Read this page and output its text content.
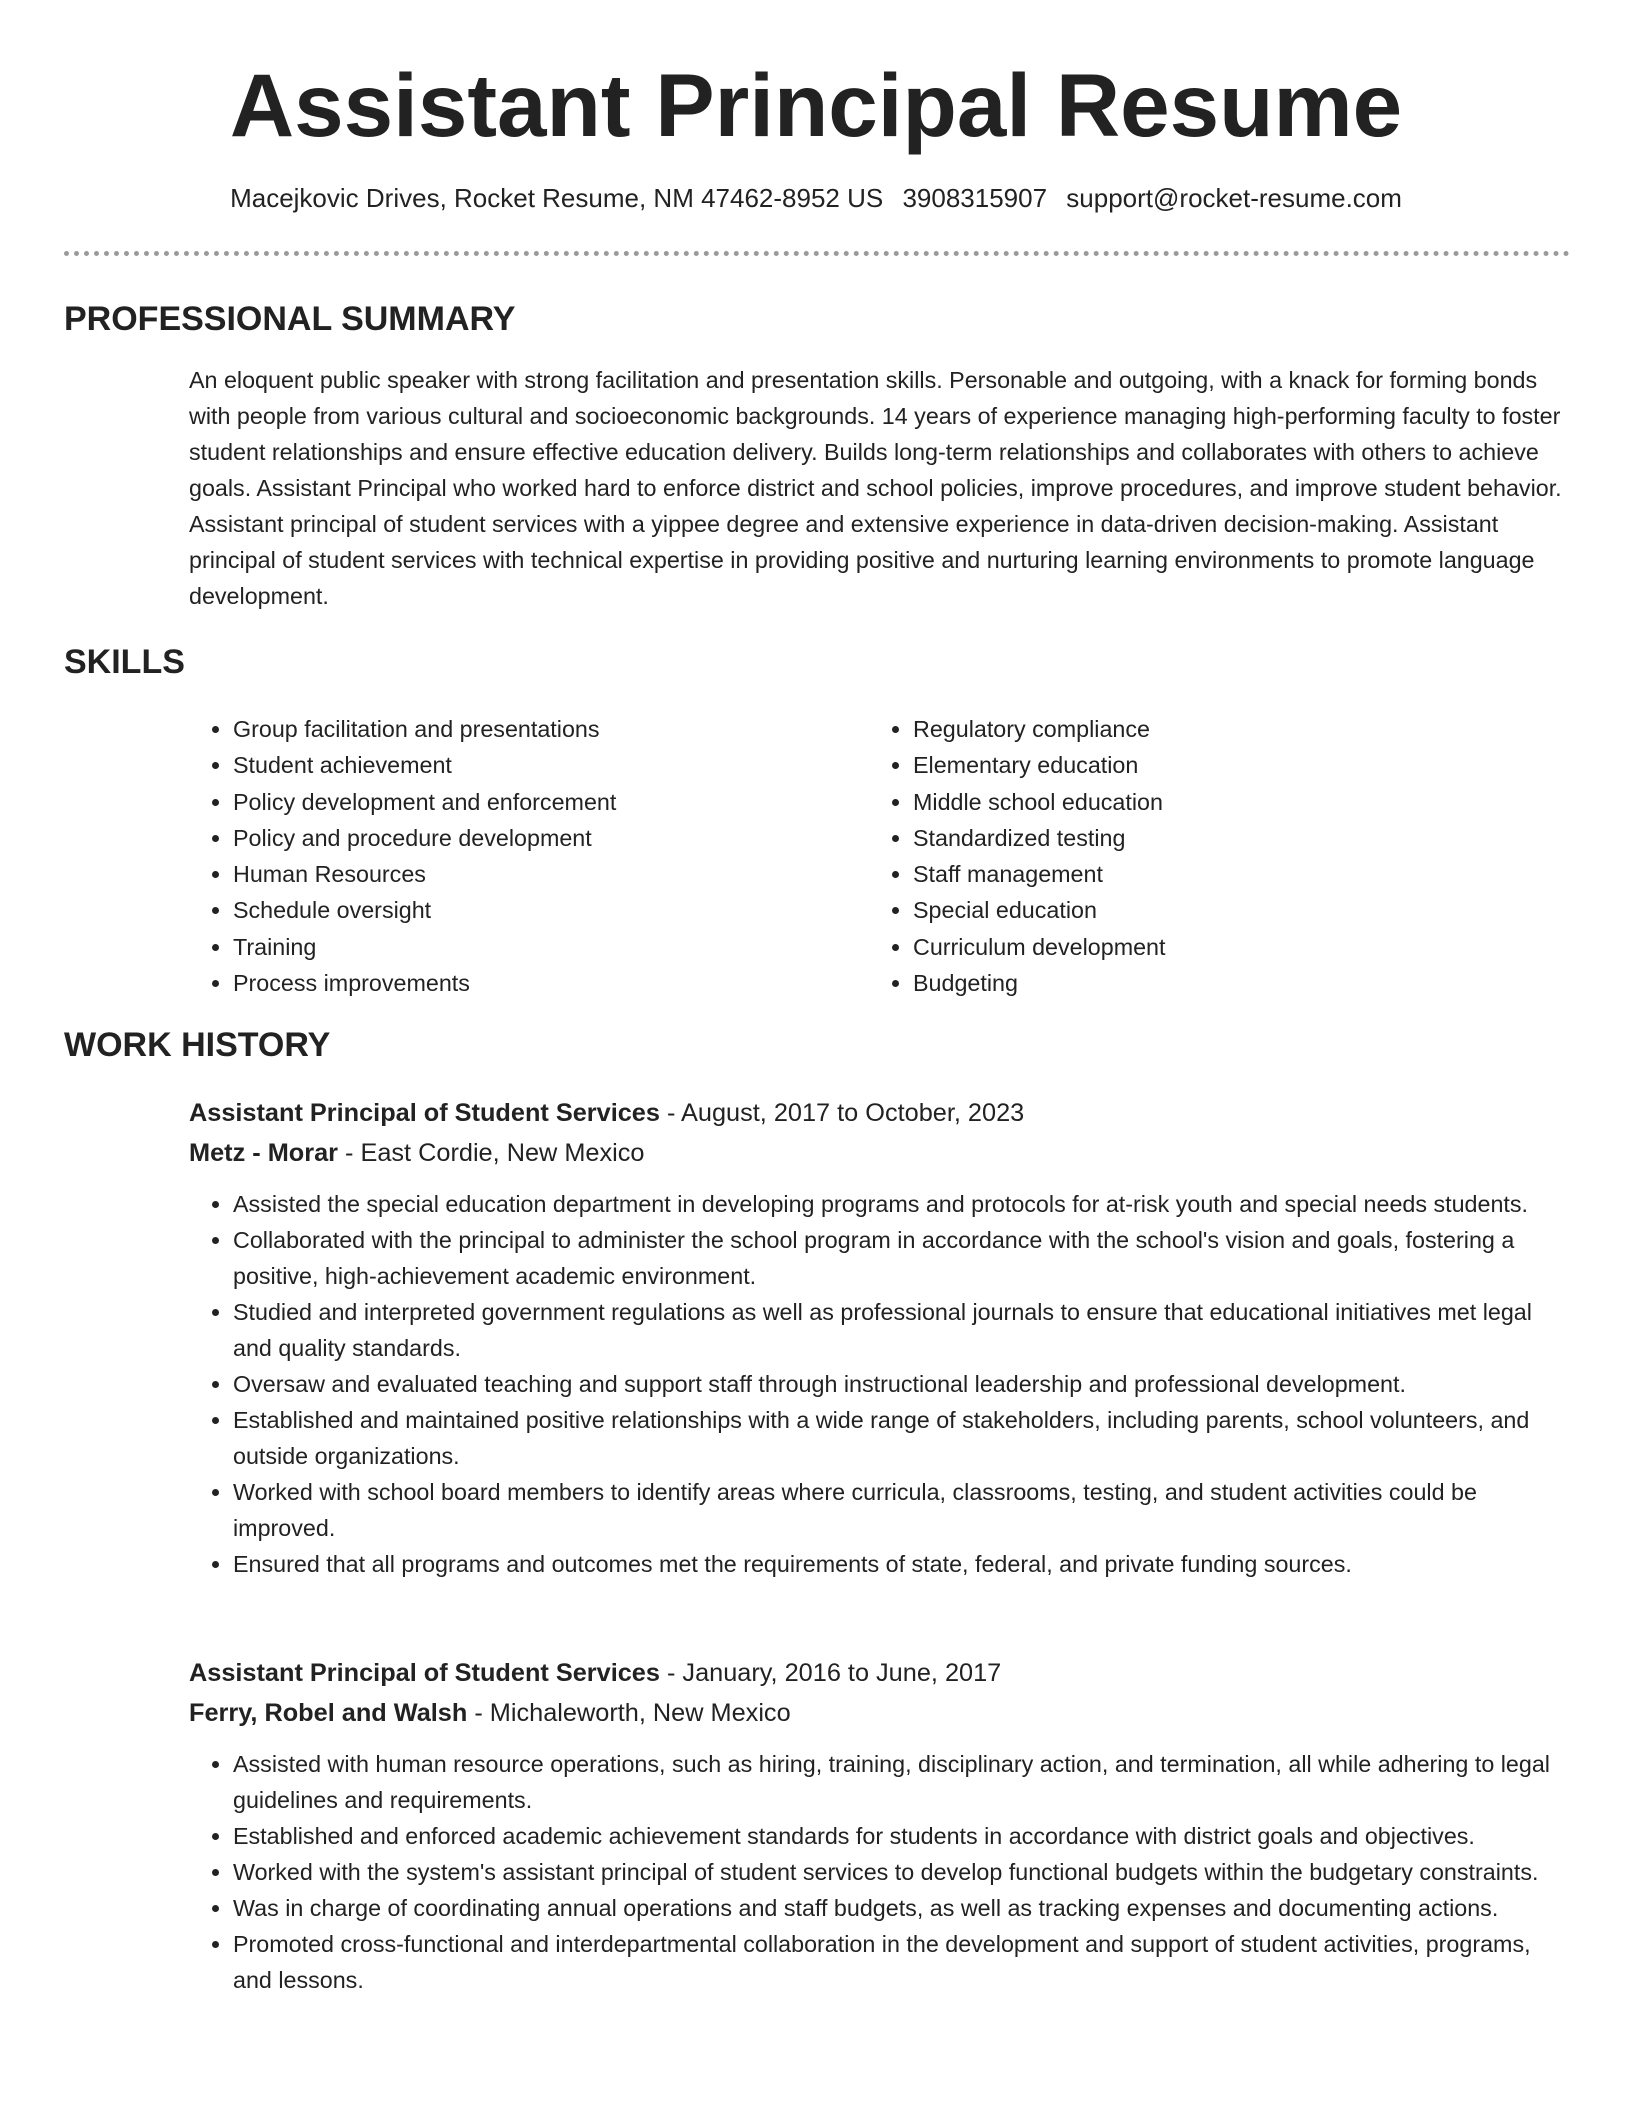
Assistant Principal Resume
Macejkovic Drives, Rocket Resume, NM 47462-8952 US 3908315907 support@rocket-resume.com
PROFESSIONAL SUMMARY

An eloquent public speaker with strong facilitation and presentation skills. Personable and outgoing, with a knack for forming bonds with people from various cultural and socioeconomic backgrounds. 14 years of experience managing high-performing faculty to foster student relationships and ensure effective education delivery. Builds long-term relationships and collaborates with others to achieve goals. Assistant Principal who worked hard to enforce district and school policies, improve procedures, and improve student behavior. Assistant principal of student services with a yippee degree and extensive experience in data-driven decision-making. Assistant principal of student services with technical expertise in providing positive and nurturing learning environments to promote language development.

SKILLS
• Group facilitation and presentations
• Student achievement
• Policy development and enforcement
• Policy and procedure development
• Human Resources
• Schedule oversight
• Training
• Process improvements
• Regulatory compliance
• Elementary education
• Middle school education
• Standardized testing
• Staff management
• Special education
• Curriculum development
• Budgeting
WORK HISTORY

Assistant Principal of Student Services - August, 2017 to October, 2023

Metz - Morar - East Cordie, New Mexico

• Assisted the special education department in developing programs and protocols for at-risk youth and special needs students.
• Collaborated with the principal to administer the school program in accordance with the school's vision and goals, fostering a positive, high-achievement academic environment.
• Studied and interpreted government regulations as well as professional journals to ensure that educational initiatives met legal and quality standards.
• Oversaw and evaluated teaching and support staff through instructional leadership and professional development.
• Established and maintained positive relationships with a wide range of stakeholders, including parents, school volunteers, and outside organizations.
• Worked with school board members to identify areas where curricula, classrooms, testing, and student activities could be improved.
• Ensured that all programs and outcomes met the requirements of state, federal, and private funding sources.

Assistant Principal of Student Services - January, 2016 to June, 2017

Ferry, Robel and Walsh - Michaleworth, New Mexico

• Assisted with human resource operations, such as hiring, training, disciplinary action, and termination, all while adhering to legal guidelines and requirements.
• Established and enforced academic achievement standards for students in accordance with district goals and objectives.
• Worked with the system's assistant principal of student services to develop functional budgets within the budgetary constraints.
• Was in charge of coordinating annual operations and staff budgets, as well as tracking expenses and documenting actions.
• Promoted cross-functional and interdepartmental collaboration in the development and support of student activities, programs, and lessons.
